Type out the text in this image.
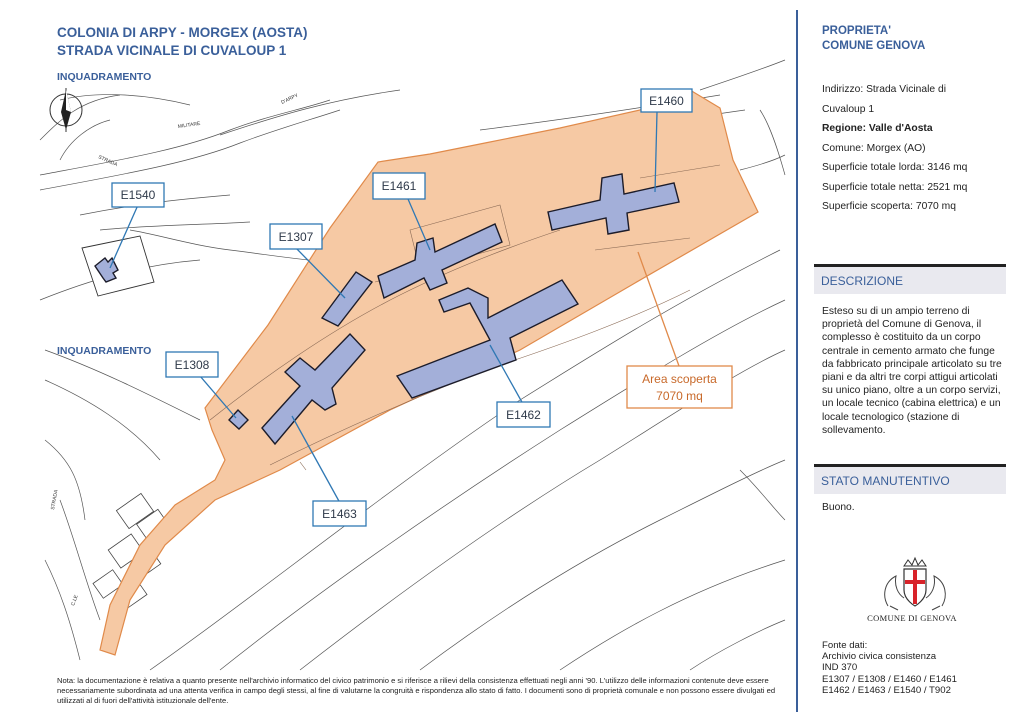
STRADA
MILITARE
D'ARPY
STRADA
C.LE
E1460
E1461
E1307
E1540
E1308
E1462
E1463
Area scoperta
7070 mq
COLONIA DI ARPY - MORGEX (AOSTA)
STRADA VICINALE DI CUVALOUP 1
INQUADRAMENTO
INQUADRAMENTO
Nota: la documentazione è relativa a quanto presente nell'archivio informatico del civico patrimonio e si riferisce a rilievi della consistenza effettuati negli anni '90. L'utilizzo delle informazioni contenute deve essere necessariamente subordinata ad una attenta verifica in campo degli stessi, al fine di valutarne la congruità e rispondenza allo stato di fatto. I documenti sono di proprietà comunale e non possono essere divulgati ed utilizzati al di fuori dell'attività istituzionale dell'ente.
PROPRIETA'
COMUNE GENOVA
Indirizzo: Strada Vicinale di
Cuvaloup 1
Regione: Valle d'Aosta
Comune: Morgex (AO)
Superficie totale lorda: 3146 mq
Superficie totale netta: 2521 mq
Superficie scoperta: 7070 mq
DESCRIZIONE
Esteso su di un ampio terreno di proprietà del Comune di Genova, il complesso è costituito da un corpo centrale in cemento armato che funge da fabbricato principale articolato su tre piani e da altri tre corpi attigui articolati su unico piano, oltre a un corpo servizi, un locale tecnico (cabina elettrica) e un locale tecnologico (stazione di sollevamento.
STATO MANUTENTIVO
Buono.
COMUNE DI GENOVA
Fonte dati:
Archivio civica consistenza
IND 370
E1307 / E1308 / E1460 / E1461
E1462 / E1463 / E1540 / T902
